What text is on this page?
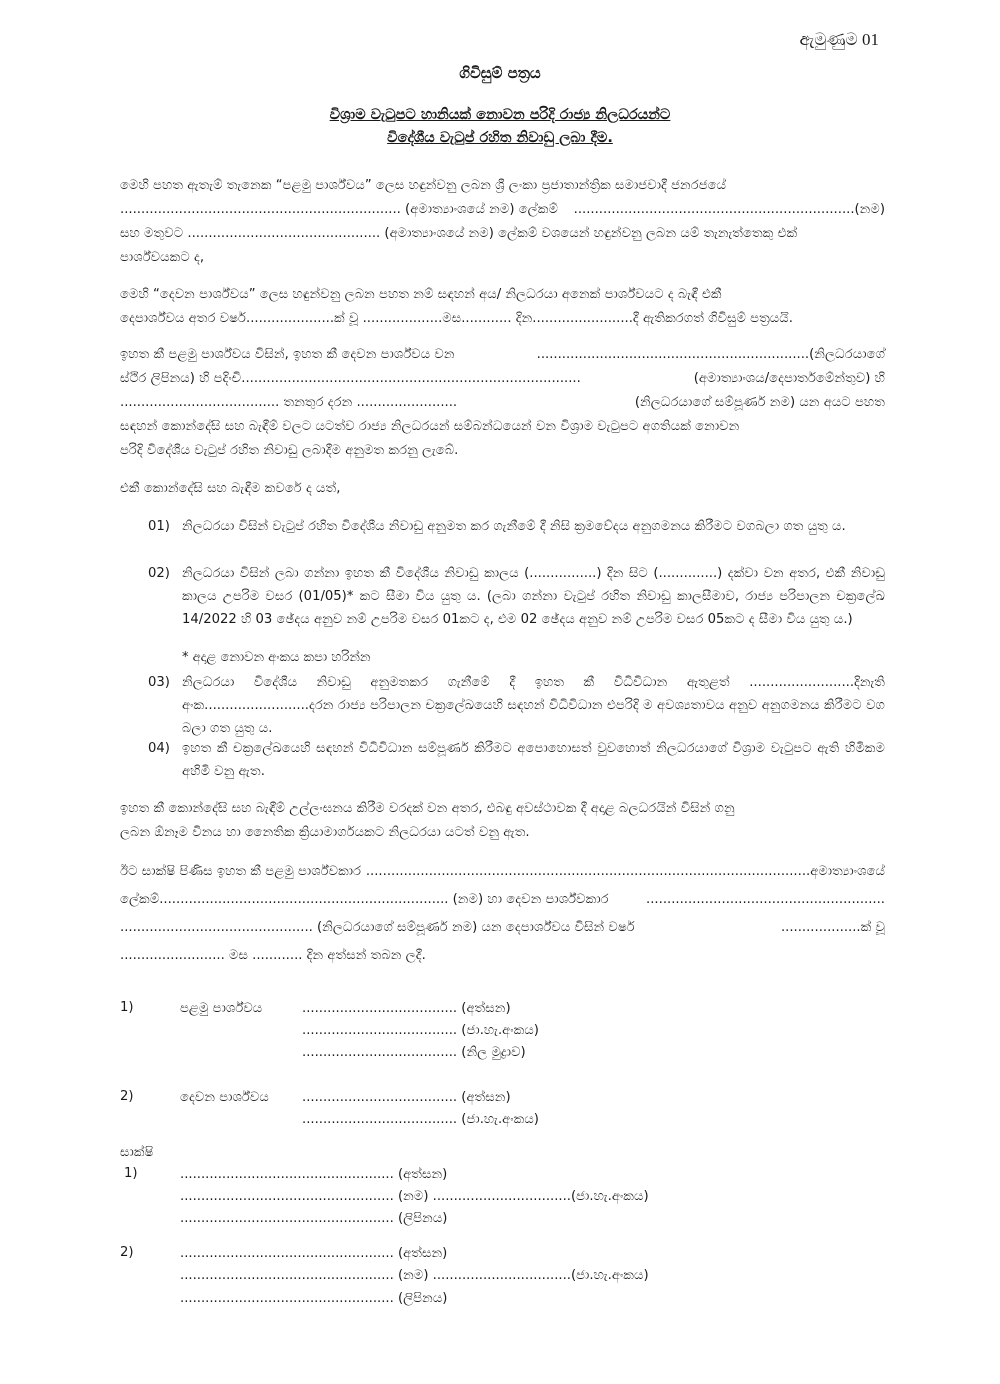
ඇමුණුම 01
ගිවිසුම් පත්‍රය
විශ්‍රාම වැටුපට හානියක් නොවන පරිදි රාජ්‍ය නිලධරයන්ට
විදේශීය වැටුප් රහිත නිවාඩු ලබා දීම.
මෙහි පහත ඇතැම් තැනෙක “පළමු පාර්ශ්වය” ලෙස හඳුන්වනු ලබන ශ්‍රී ලංකා ප්‍රජාතාන්ත්‍රික සමාජවාදී ජනරජයේ
................................................................... (අමාත්‍යාංශයේ නම) ලේකම් ...................................................................(නම)
සහ මතුවට .............................................. (අමාත්‍යාංශයේ නම) ලේකම් වශයෙන් හඳුන්වනු ලබන යම් තැනැත්තෙකු එක්
පාර්ශ්වයකට ද,
මෙහි “දෙවන පාර්ශ්වය” ලෙස හඳුන්වනු ලබන පහත නම් සඳහන් අය/ නිලධරයා අනෙක් පාර්ශ්වයට ද බැඳී එකී
දෙපාර්ශ්වය අතර වර්ෂ.....................ක් වූ ...................මස............ දින........................දී ඇතිකරගත් ගිවිසුම් පත්‍රයයි.
ඉහත කී පළමු පාර්ශ්වය විසින්, ඉහත කී දෙවන පාර්ශ්වය වන	.................................................................(නිලධරයාගේ
ස්ථිර ලිපිනය) හි පදිංචි.................................................................................	(අමාත්‍යාංශය/දෙපාර්තමේන්තුව) හි
...................................... තනතුර දරන ........................	(නිලධරයාගේ සම්පූර්ණ නම) යන අයට පහත
සඳහන් කොන්දේසි සහ බැඳීම් වලට යටත්ව රාජ්‍ය නිලධරයන් සම්බන්ධයෙන් වන විශ්‍රාම වැටුපට අගතියක් නොවන
පරිදි විදේශීය වැටුප් රහිත නිවාඩු ලබාදීම අනුමත කරනු ලැබේ.
එකී කොන්දේසි සහ බැඳීම කවරේ ද යත්,

01) නිලධරයා විසින් වැටුප් රහිත විදේශීය නිවාඩු අනුමත කර ගැනීමේ දී නිසි ක්‍රමවේදය අනුගමනය කිරීමට වගබලා ගත යුතු ය.

02) නිලධරයා විසින් ලබා ගන්නා ඉහත කී විදේශීය නිවාඩු කාලය (................) දින සිට (..............) දක්වා වන අතර, එකී නිවාඩු කාලය උපරිම වසර (01/05)* කට සීමා විය යුතු ය. (ලබා ගන්නා වැටුප් රහිත නිවාඩු කාලසීමාව, රාජ්‍ය පරිපාලන චක්‍රලේඛ 14/2022 හි 03 ඡේදය අනුව නම් උපරිම වසර 01කට ද, එම 02 ඡේදය අනුව නම් උපරිම වසර 05කට ද සීමා විය යුතු ය.)

* අදාළ නොවන අංකය කපා හරින්න

03) නිලධරයා විදේශීය නිවාඩු අනුමතකර ගැනීමේ දී ඉහත කී විධිවිධාන ඇතුළත් .........................දිනැති අංක.........................දරන රාජ්‍ය පරිපාලන චක්‍රලේඛයෙහි සඳහන් විධිවිධාන එපරිදි ම අවශ්‍යතාවය අනුව අනුගමනය කිරීමට වග බලා ගත යුතු ය.

04) ඉහත කී චක්‍රලේඛයෙහි සඳහන් විධිවිධාන සම්පූර්ණ කිරීමට අපොහොසත් වුවහොත් නිලධරයාගේ විශ්‍රාම වැටුපට ඇති හිමිකම අහිමි වනු ඇත.

ඉහත කී කොන්දේසි සහ බැඳීම් උල්ලංඝනය කිරීම වරදක් වන අතර, එබඳු අවස්ථාවක දී අදාළ බලධරයින් විසින් ගනු
ලබන ඕනෑම විනය හා නෛතික ක්‍රියාමාර්ගයකට නිලධරයා යටත් වනු ඇත.
ඊට සාක්ෂි පිණිස ඉහත කී පළමු පාර්ශ්වකාර ..........................................................................................................අමාත්‍යාංශයේ
ලේකම්..................................................................... (නම) හා දෙවන පාර්ශ්වකාර	.........................................................
.............................................. (නිලධරයාගේ සම්පූර්ණ නම) යන දෙපාර්ශ්වය විසින් වර්ෂ	...................ක් වූ
......................... මස ............ දින අත්සන් තබන ලදී.
1)	පළමු පාර්ශ්වය	..................................... (අත්සන)
..................................... (ජා.හැ.අංකය)
..................................... (නිල මුද්‍රාව)
2)	දෙවන පාර්ශ්වය	..................................... (අත්සන)
..................................... (ජා.හැ.අංකය)
සාක්ෂි
1)	................................................... (අත්සන)
................................................... (නම) .................................(ජා.හැ.අංකය)
................................................... (ලිපිනය)
2)	................................................... (අත්සන)
................................................... (නම) .................................(ජා.හැ.අංකය)
................................................... (ලිපිනය)
